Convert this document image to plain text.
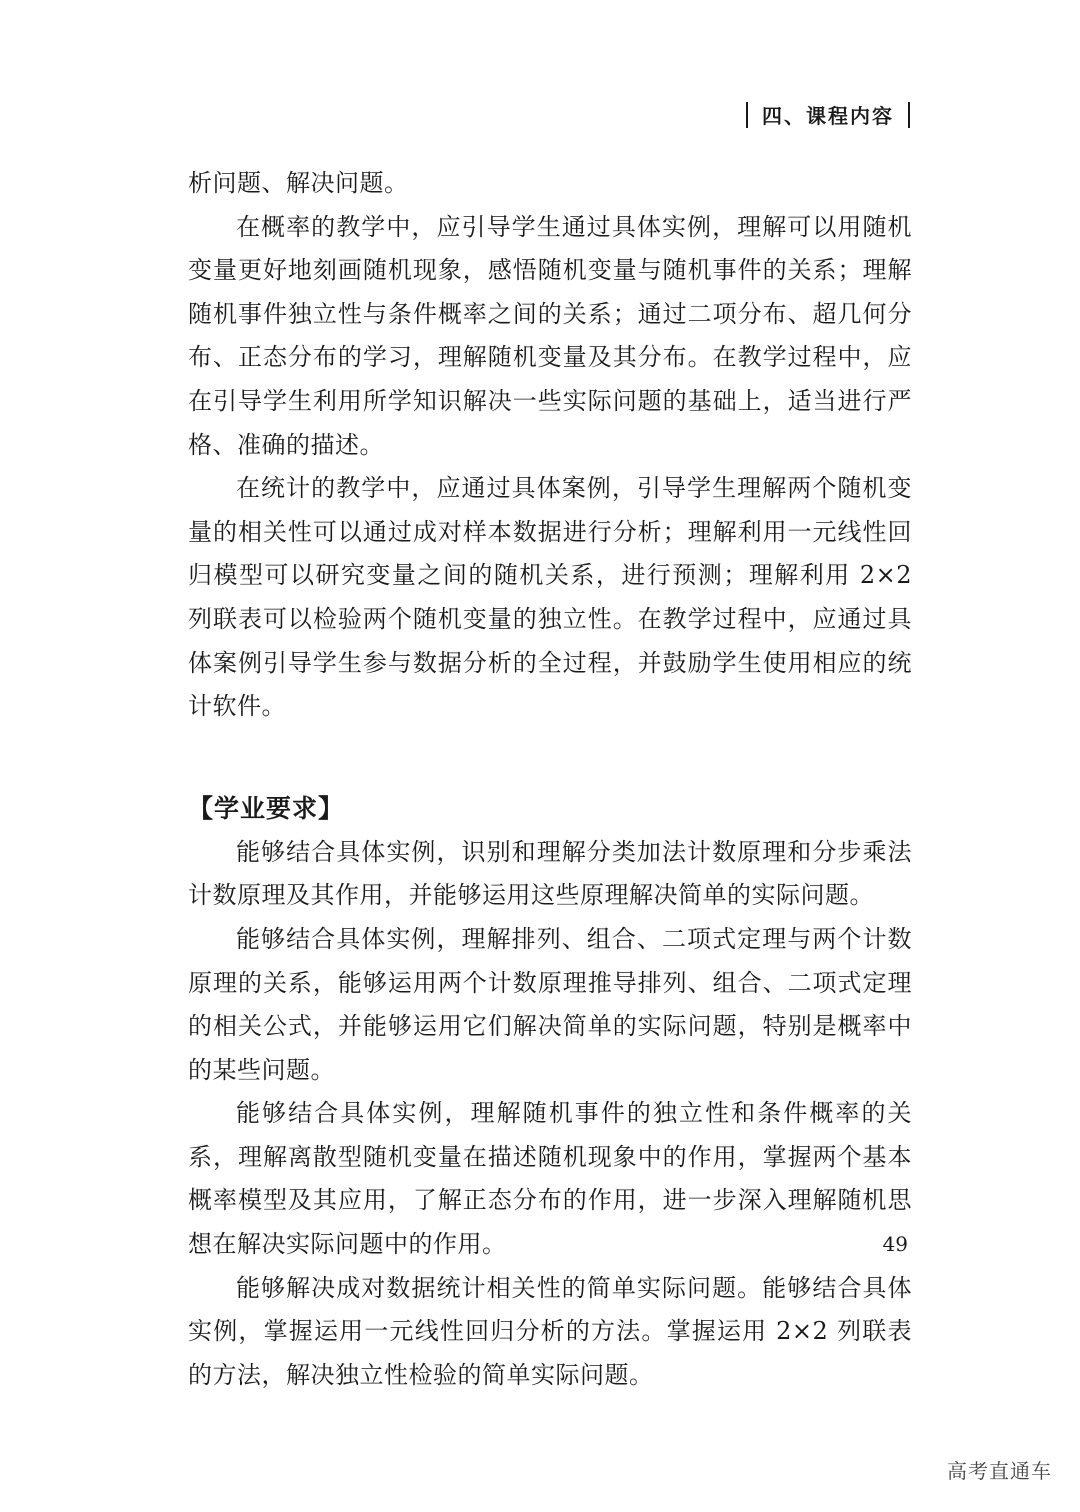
四、课程内容

析问题、解决问题。

在概率的教学中，应引导学生通过具体实例，理解可以用随机变量更好地刻画随机现象，感悟随机变量与随机事件的关系；理解随机事件独立性与条件概率之间的关系；通过二项分布、超几何分布、正态分布的学习，理解随机变量及其分布。在教学过程中，应在引导学生利用所学知识解决一些实际问题的基础上，适当进行严格、准确的描述。

在统计的教学中，应通过具体案例，引导学生理解两个随机变量的相关性可以通过成对样本数据进行分析；理解利用一元线性回归模型可以研究变量之间的随机关系，进行预测；理解利用 2×2 列联表可以检验两个随机变量的独立性。在教学过程中，应通过具体案例引导学生参与数据分析的全过程，并鼓励学生使用相应的统计软件。

【学业要求】

能够结合具体实例，识别和理解分类加法计数原理和分步乘法计数原理及其作用，并能够运用这些原理解决简单的实际问题。

能够结合具体实例，理解排列、组合、二项式定理与两个计数原理的关系，能够运用两个计数原理推导排列、组合、二项式定理的相关公式，并能够运用它们解决简单的实际问题，特别是概率中的某些问题。

能够结合具体实例，理解随机事件的独立性和条件概率的关系，理解离散型随机变量在描述随机现象中的作用，掌握两个基本概率模型及其应用，了解正态分布的作用，进一步深入理解随机思想在解决实际问题中的作用。

能够解决成对数据统计相关性的简单实际问题。能够结合具体实例，掌握运用一元线性回归分析的方法。掌握运用 2×2 列联表的方法，解决独立性检验的简单实际问题。

49
高考直通车
